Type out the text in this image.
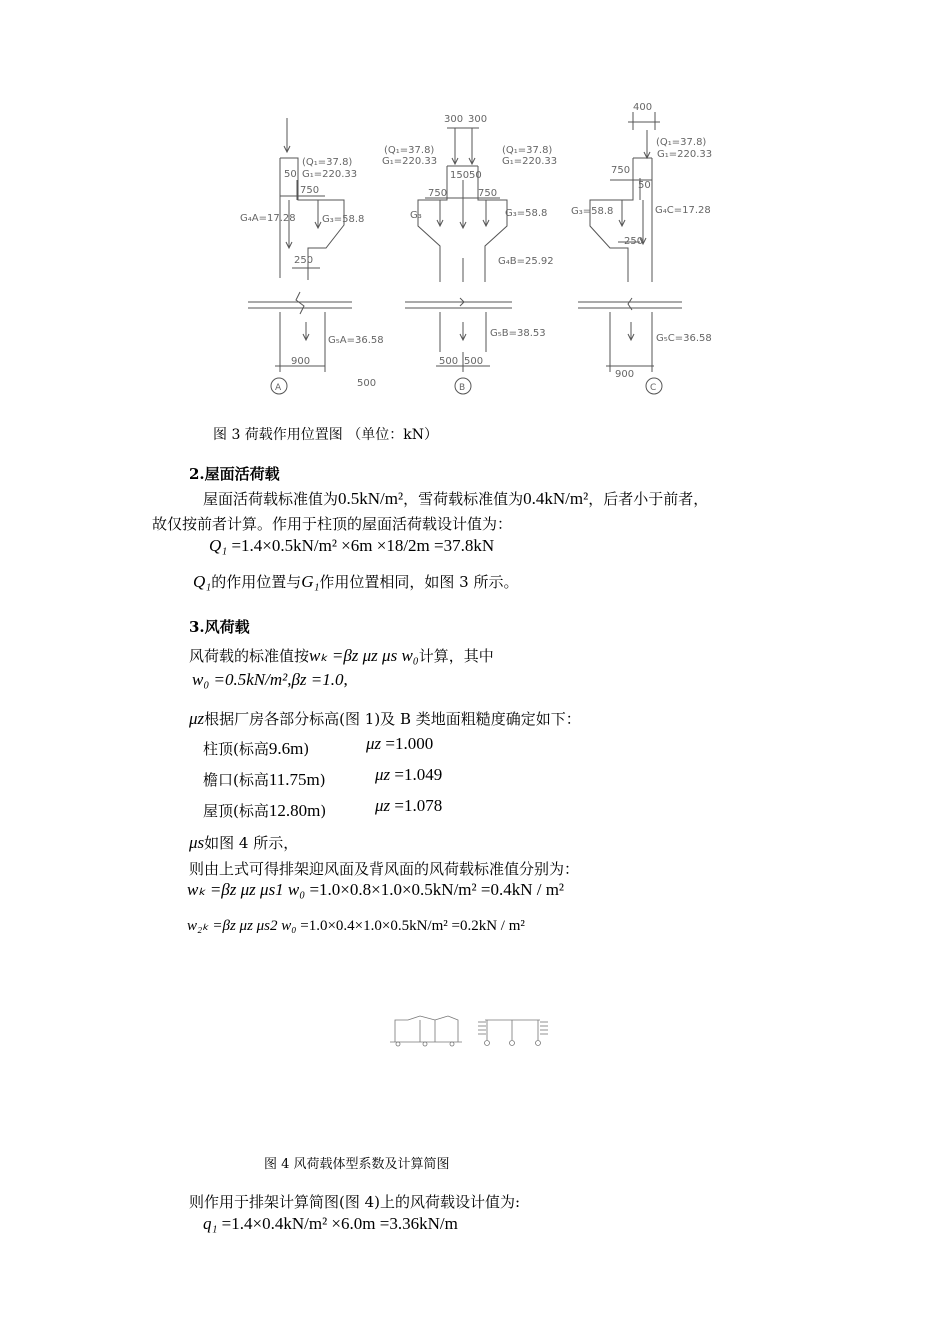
(Q₁=37.8)
G₁=220.33
50
750
G₄A=17.28	G₃=58.8
250
G₅A=36.58
900
A	500
300 300
(Q₁=37.8)
G₁=220.33
(Q₁=37.8)
G₁=220.33
150 50
750	750
G₃	G₃=58.8
G₄B=25.92
G₅B=38.53
500 500
B
400
(Q₁=37.8)
G₁=220.33
750
50
G₃=58.8	G₄C=17.28
250
G₅C=36.58
900
C
图 3 荷载作用位置图 （单位：kN）
2.屋面活荷载
屋面活荷载标准值为0.5kN/m²，雪荷载标准值为0.4kN/m²，后者小于前者，
故仅按前者计算。作用于柱顶的屋面活荷载设计值为：
Q₁ =1.4×0.5kN/m² ×6m ×18/2m =37.8kN
Q₁的作用位置与G₁作用位置相同，如图 3 所示。
3.风荷载
风荷载的标准值按wₖ =βz μz μs w₀计算，其中
w₀ =0.5kN/m²,βz =1.0,
μz根据厂房各部分标高(图 1)及 B 类地面粗糙度确定如下：
柱顶(标高9.6m)	μz =1.000
檐口(标高11.75m)	μz =1.049
屋顶(标高12.80m)	μz =1.078
μs如图 4 所示，
则由上式可得排架迎风面及背风面的风荷载标准值分别为：
wₖ =βz μz μs1 w₀ =1.0×0.8×1.0×0.5kN/m² =0.4kN / m²
w₂ₖ =βz μz μs2 w₀ =1.0×0.4×1.0×0.5kN/m² =0.2kN / m²
图 4 风荷载体型系数及计算简图
则作用于排架计算简图(图 4)上的风荷载设计值为:
q₁ =1.4×0.4kN/m² ×6.0m =3.36kN/m
